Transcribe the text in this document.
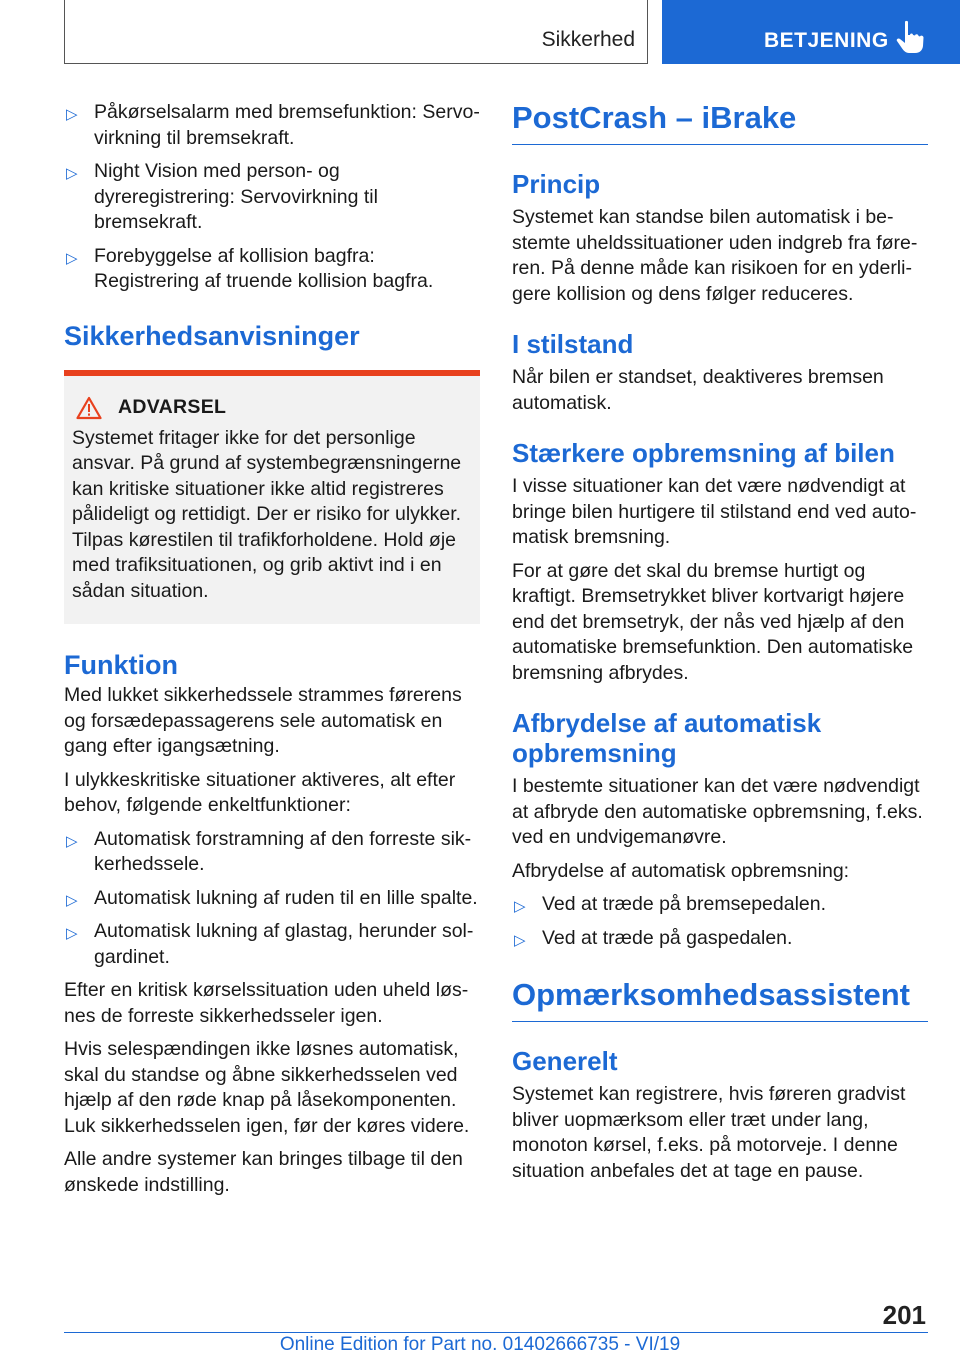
Sikkerhed	BETJENING
▷ Påkørselsalarm med bremsefunktion: Servovirkning til bremsekraft.
▷ Night Vision med person- og dyreregistrering: Servovirkning til bremsekraft.
▷ Forebyggelse af kollision bagfra: Registrering af truende kollision bagfra.
Sikkerhedsanvisninger
ADVARSEL

Systemet fritager ikke for det personlige ansvar. På grund af systembegrænsningerne kan kritiske situationer ikke altid registreres pålideligt og rettidigt. Der er risiko for ulykker. Tilpas kørestilen til trafikforholdene. Hold øje med trafiksituationen, og grib aktivt ind i en sådan situation.

Funktion

Med lukket sikkerhedssele strammes førerens og forsædepassagerens sele automatisk en gang efter igangsætning.

I ulykkeskritiske situationer aktiveres, alt efter behov, følgende enkeltfunktioner:

▷ Automatisk forstramning af den forreste sikkerhedssele.
▷ Automatisk lukning af ruden til en lille spalte.
▷ Automatisk lukning af glastag, herunder solgardinet.

Efter en kritisk kørselssituation uden uheld løsnes de forreste sikkerhedsseler igen.

Hvis selespændingen ikke løsnes automatisk, skal du standse og åbne sikkerhedsselen ved hjælp af den røde knap på låsekomponenten. Luk sikkerhedsselen igen, før der køres videre.

Alle andre systemer kan bringes tilbage til den ønskede indstilling.

PostCrash – iBrake
Princip

Systemet kan standse bilen automatisk i bestemte uheldssituationer uden indgreb fra føreren. På denne måde kan risikoen for en yderligere kollision og dens følger reduceres.

I stilstand

Når bilen er standset, deaktiveres bremsen automatisk.

Stærkere opbremsning af bilen

I visse situationer kan det være nødvendigt at bringe bilen hurtigere til stilstand end ved automatisk bremsning.

For at gøre det skal du bremse hurtigt og kraftigt. Bremsetrykket bliver kortvarigt højere end det bremsetryk, der nås ved hjælp af den automatiske bremsefunktion. Den automatiske bremsning afbrydes.

Afbrydelse af automatisk opbremsning

I bestemte situationer kan det være nødvendigt at afbryde den automatiske opbremsning, f.eks. ved en undvigemanøvre.

Afbrydelse af automatisk opbremsning:

▷ Ved at træde på bremsepedalen.
▷ Ved at træde på gaspedalen.
Opmærksomhedsassistent
Generelt

Systemet kan registrere, hvis føreren gradvist bliver uopmærksom eller træt under lang, monoton kørsel, f.eks. på motorveje. I denne situation anbefales det at tage en pause.

201
Online Edition for Part no. 01402666735 - VI/19
